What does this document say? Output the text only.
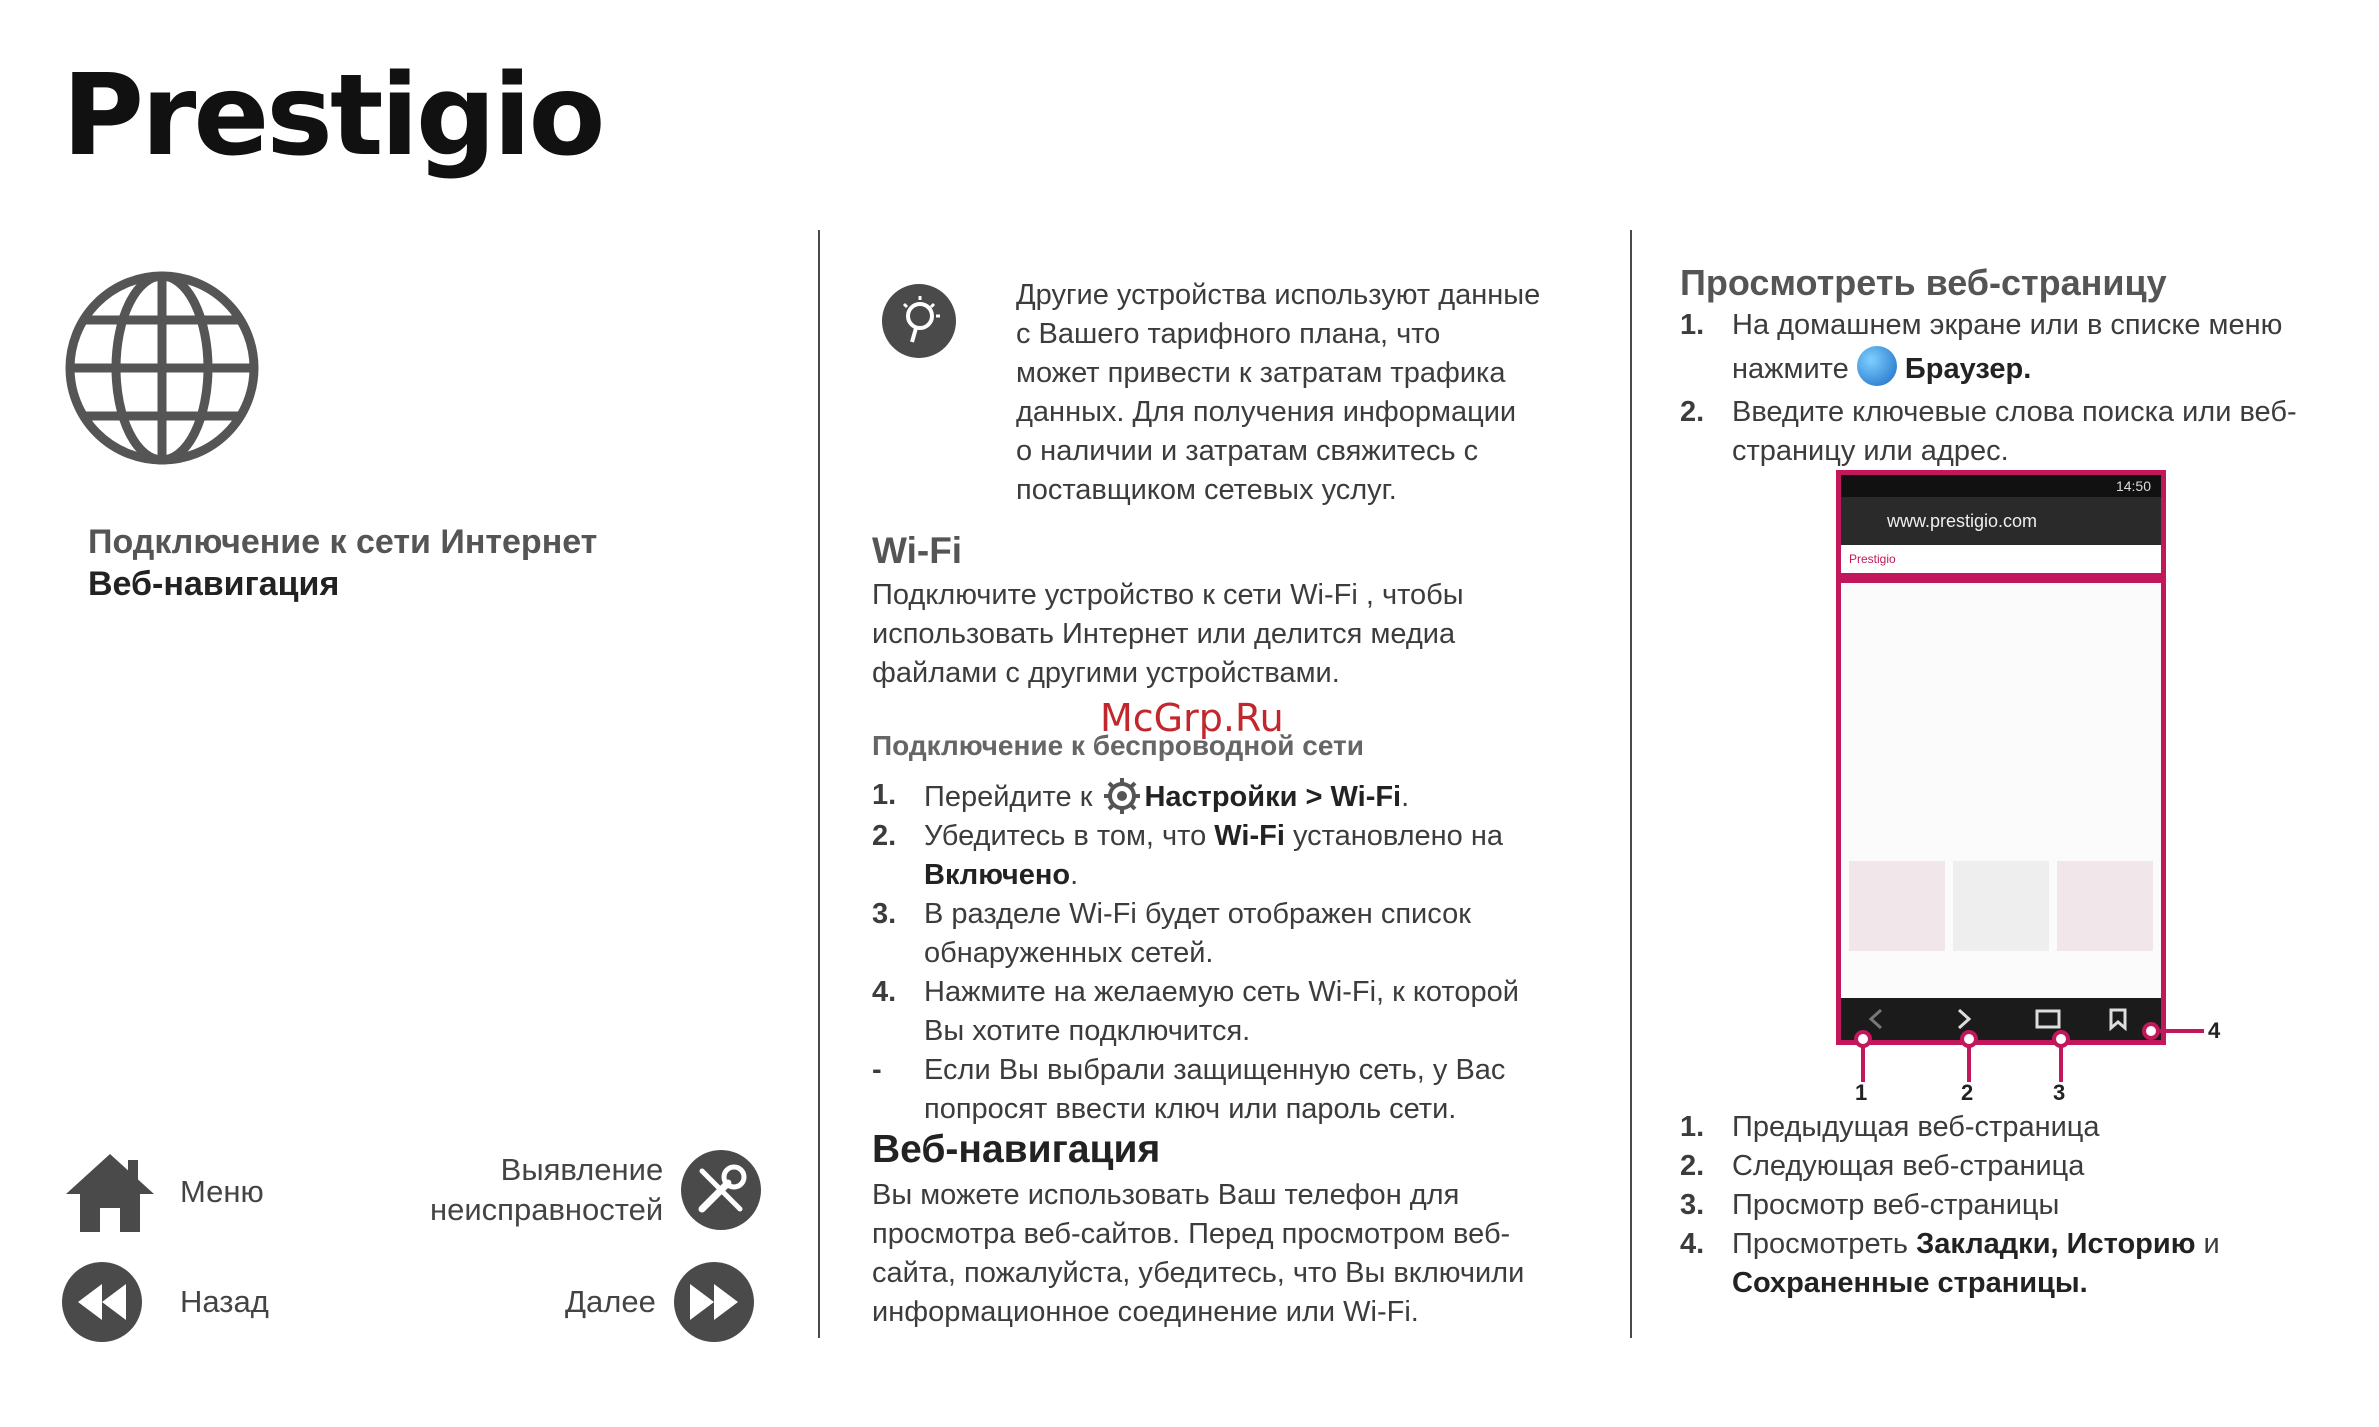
Prestigio
Подключение к сети Интернет
Веб-навигация
Меню
Назад
Выявление
неисправностей
Далее
Другие устройства используют данные
с Вашего тарифного плана, что
может привести к затратам трафика
данных. Для получения информации
о наличии и затратам свяжитесь с
поставщиком сетевых услуг.
Wi-Fi
Подключите устройство к сети Wi-Fi , чтобы
использовать Интернет или делится медиа
файлами с другими устройствами.
McGrp.Ru
Подключение к беспроводной сети
1. Перейдите к Настройки > Wi-Fi.
2. Убедитесь в том, что Wi-Fi установлено на
Включено.
3. В разделе Wi-Fi будет отображен список
обнаруженных сетей.
4. Нажмите на желаемую сеть Wi-Fi, к которой
Вы хотите подключится.
- Если Вы выбрали защищенную сеть, у Вас
попросят ввести ключ или пароль сети.
Веб-навигация
Вы можете использовать Ваш телефон для
просмотра веб-сайтов. Перед просмотром веб-
сайта, пожалуйста, убедитесь, что Вы включили
информационное соединение или Wi-Fi.
Просмотреть веб-страницу
1. На домашнем экране или в списке меню
нажмите  Браузер.
2. Введите ключевые слова поиска или веб-
страницу или адрес.
14:50
www.prestigio.com
Prestigio
1	2	3
4
1. Предыдущая веб-страница
2. Следующая веб-страница
3. Просмотр веб-страницы
4. Просмотреть Закладки, Историю и
Сохраненные страницы.
